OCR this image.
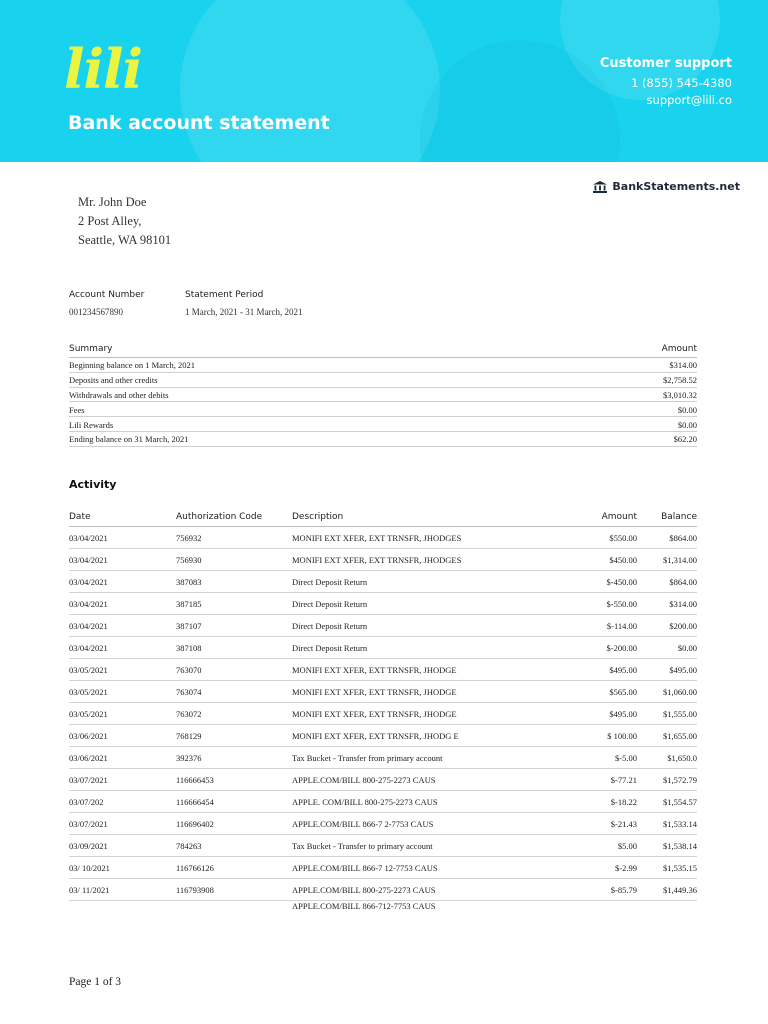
lili
Bank account statement
Customer support
1 (855) 545-4380
support@lili.co
BankStatements.net
Mr. John Doe
2 Post Alley,
Seattle, WA 98101
Account Number
001234567890
Statement Period
1 March, 2021 - 31 March, 2021
Summary	Amount
Beginning balance on 1 March, 2021	$314.00
Deposits and other credits	$2,758.52
Withdrawals and other debits	$3,010.32
Fees	$0.00
Lili Rewards	$0.00
Ending balance on 31 March, 2021	$62.20
Activity
Date	Authorization Code	Description	Amount	Balance
03/04/2021	756932	MONIFI EXT XFER, EXT TRNSFR, JHODGES	$550.00	$864.00
03/04/2021	756930	MONIFI EXT XFER, EXT TRNSFR, JHODGES	$450.00	$1,314.00
03/04/2021	387083	Direct Deposit Return	$-450.00	$864.00
03/04/2021	387185	Direct Deposit Return	$-550.00	$314.00
03/04/2021	387107	Direct Deposit Return	$-114.00	$200.00
03/04/2021	387108	Direct Deposit Return	$-200.00	$0.00
03/05/2021	763070	MONIFI EXT XFER, EXT TRNSFR, JHODGE	$495.00	$495.00
03/05/2021	763074	MONIFI EXT XFER, EXT TRNSFR, JHODGE	$565.00	$1,060.00
03/05/2021	763072	MONIFI EXT XFER, EXT TRNSFR, JHODGE	$495.00	$1,555.00
03/06/2021	768129	MONIFI EXT XFER, EXT TRNSFR, JHODG E	$ 100.00	$1,655.00
03/06/2021	392376	Tax Bucket - Transfer from primary account	$-5.00	$1,650.0
03/07/2021	116666453	APPLE.COM/BILL 800-275-2273 CAUS	$-77.21	$1,572.79
03/07/202	116666454	APPLE. COM/BILL 800-275-2273 CAUS	$-18.22	$1,554.57
03/07/2021	116696402	APPLE.COM/BILL 866-7 2-7753 CAUS	$-21.43	$1,533.14
03/09/2021	784263	Tax Bucket - Transfer to primary account	$5.00	$1,538.14
03/ 10/2021	116766126	APPLE.COM/BILL 866-7 12-7753 CAUS	$-2.99	$1,535.15
03/ 11/2021	116793908	APPLE.COM/BILL 800-275-2273 CAUS	$-85.79	$1,449.36
		APPLE.COM/BILL 866-712-7753 CAUS		
Page 1 of 3
